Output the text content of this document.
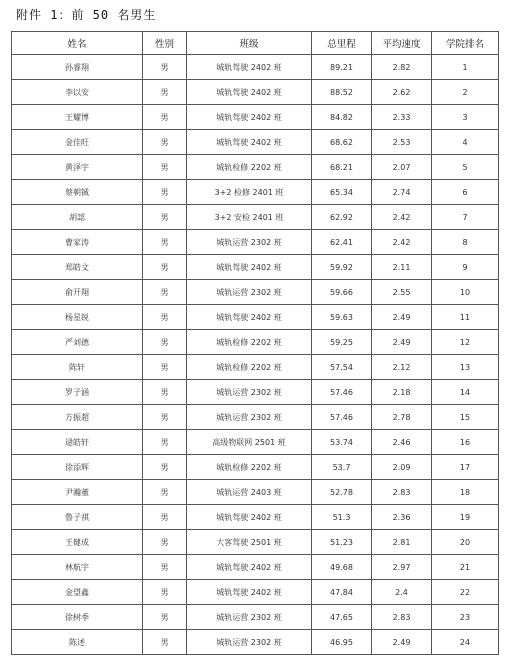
附件 1：前 50 名男生
姓名	性别	班级	总里程	平均速度	学院排名
孙睿翔	男	城轨驾驶 2402 班	89.21	2.82	1
李以安	男	城轨驾驶 2402 班	88.52	2.62	2
王耀博	男	城轨驾驶 2402 班	84.82	2.33	3
金佳旺	男	城轨驾驶 2402 班	68.62	2.53	4
黄泽宇	男	城轨检修 2202 班	68.21	2.07	5
蔡朝铖	男	3+2 检修 2401 班	65.34	2.74	6
胡認	男	3+2 安检 2401 班	62.92	2.42	7
曹家涛	男	城轨运营 2302 班	62.41	2.42	8
郑皓文	男	城轨驾驶 2402 班	59.92	2.11	9
俞开翔	男	城轨运营 2302 班	59.66	2.55	10
杨星锐	男	城轨驾驶 2402 班	59.63	2.49	11
严刘德	男	城轨检修 2202 班	59.25	2.49	12
陈轩	男	城轨检修 2202 班	57.54	2.12	13
罗子涵	男	城轨运营 2302 班	57.46	2.18	14
方振超	男	城轨运营 2302 班	57.46	2.78	15
逯皓轩	男	高级物联网 2501 班	53.74	2.46	16
徐添辉	男	城轨检修 2202 班	53.7	2.09	17
尹瀚董	男	城轨运营 2403 班	52.78	2.83	18
鲁子祺	男	城轨驾驶 2402 班	51.3	2.36	19
王健成	男	大客驾驶 2501 班	51.23	2.81	20
林航宇	男	城轨驾驶 2402 班	49.68	2.97	21
金望鑫	男	城轨驾驶 2402 班	47.84	2.4	22
徐树季	男	城轨运营 2302 班	47.65	2.83	23
陈述	男	城轨运营 2302 班	46.95	2.49	24
